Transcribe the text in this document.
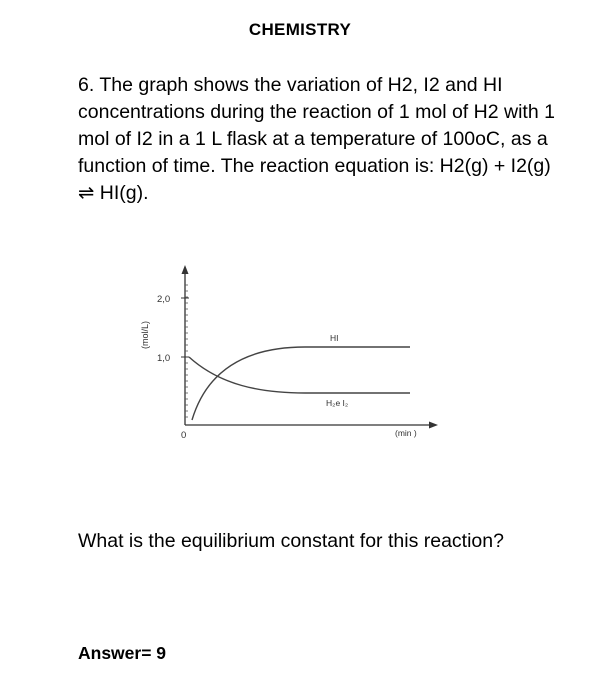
CHEMISTRY
6. The graph shows the variation of H2, I2 and HI concentrations during the reaction of 1 mol of H2 with 1 mol of I2 in a 1 L flask at a temperature of 100oC, as a function of time. The reaction equation is: H2(g) + I2(g) ⇌ HI(g).
(mol/L)
2,0
1,0
0
HI
H₂e I₂
(min )
What is the equilibrium constant for this reaction?
Answer= 9
